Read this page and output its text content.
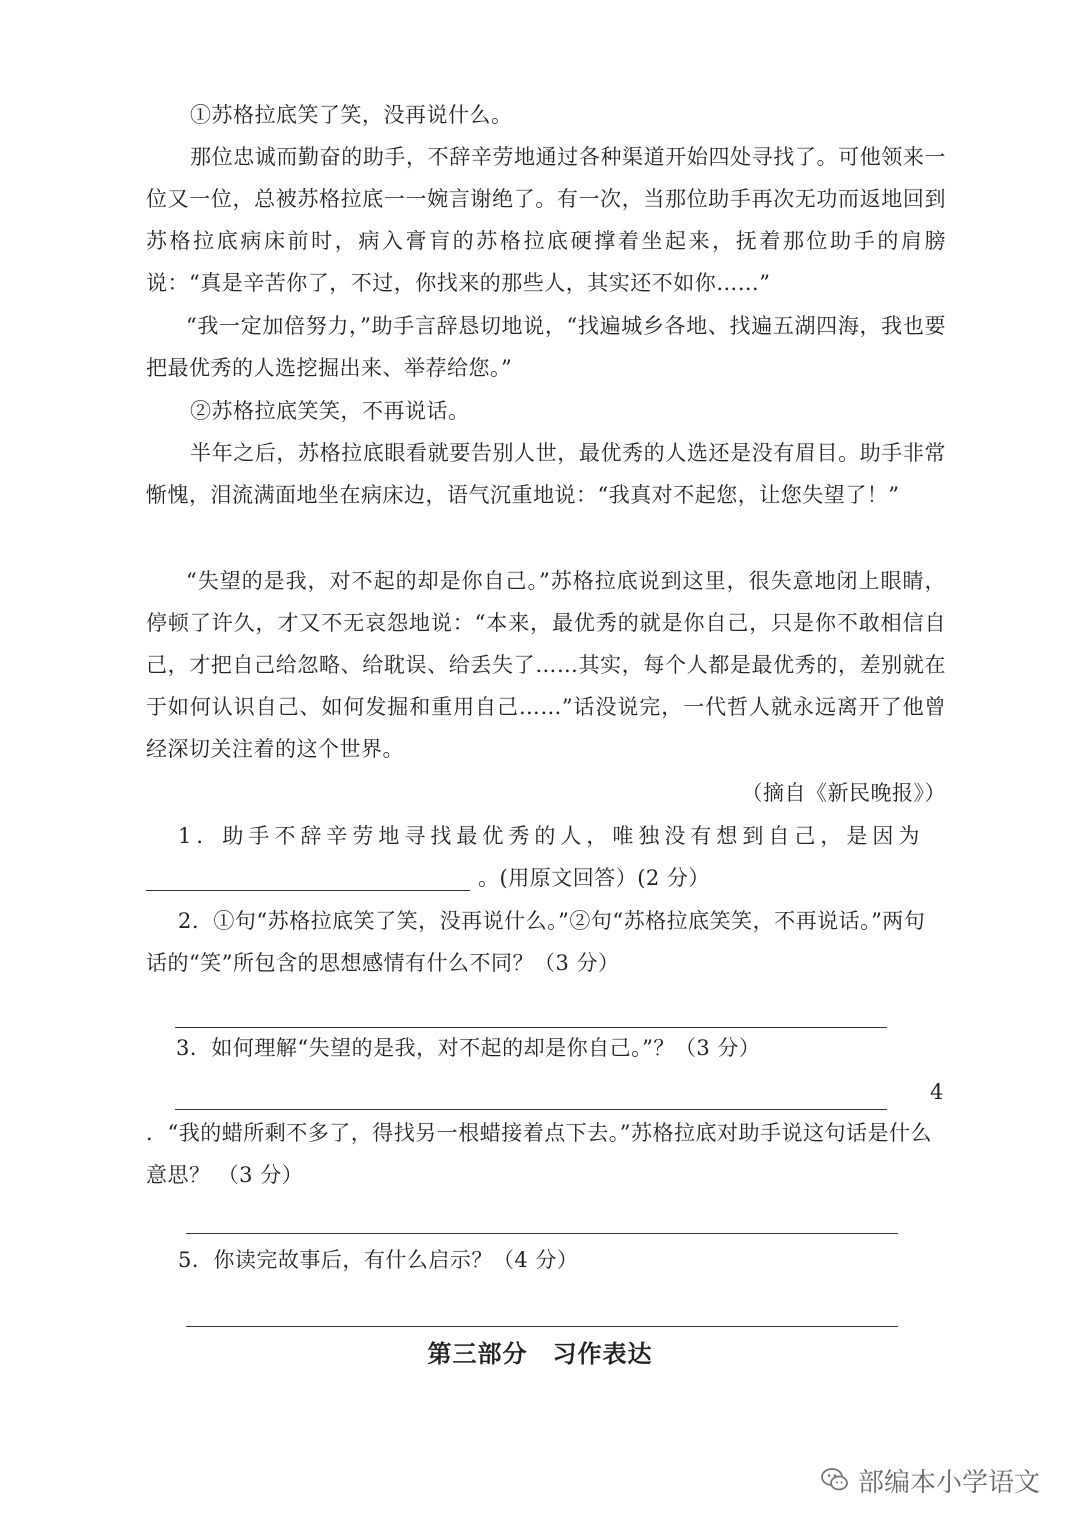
①苏格拉底笑了笑，没再说什么。

那位忠诚而勤奋的助手，不辞辛劳地通过各种渠道开始四处寻找了。可他领来一位又一位，总被苏格拉底一一婉言谢绝了。有一次，当那位助手再次无功而返地回到苏格拉底病床前时，病入膏肓的苏格拉底硬撑着坐起来，抚着那位助手的肩膀说：“真是辛苦你了，不过，你找来的那些人，其实还不如你……”

“我一定加倍努力，”助手言辞恳切地说，“找遍城乡各地、找遍五湖四海，我也要把最优秀的人选挖掘出来、举荐给您。”

②苏格拉底笑笑，不再说话。

半年之后，苏格拉底眼看就要告别人世，最优秀的人选还是没有眉目。助手非常惭愧，泪流满面地坐在病床边，语气沉重地说：“我真对不起您，让您失望了！”

“失望的是我，对不起的却是你自己。”苏格拉底说到这里，很失意地闭上眼睛，停顿了许久，才又不无哀怨地说：“本来，最优秀的就是你自己，只是你不敢相信自己，才把自己给忽略、给耽误、给丢失了……其实，每个人都是最优秀的，差别就在于如何认识自己、如何发掘和重用自己……”话没说完，一代哲人就永远离开了他曾经深切关注着的这个世界。

（摘自《新民晚报》）

1．助手不辞辛劳地寻找最优秀的人，唯独没有想到自己，是因为

。(用原文回答）(2 分）

2．①句“苏格拉底笑了笑，没再说什么。”②句“苏格拉底笑笑，不再说话。”两句话的“笑”所包含的思想感情有什么不同？（3 分）

3．如何理解“失望的是我，对不起的却是你自己。”？（3 分）

4

．“我的蜡所剩不多了，得找另一根蜡接着点下去。”苏格拉底对助手说这句话是什么意思？ （3 分）

5．你读完故事后，有什么启示？（4 分）

第三部分　习作表达
部编本小学语文
